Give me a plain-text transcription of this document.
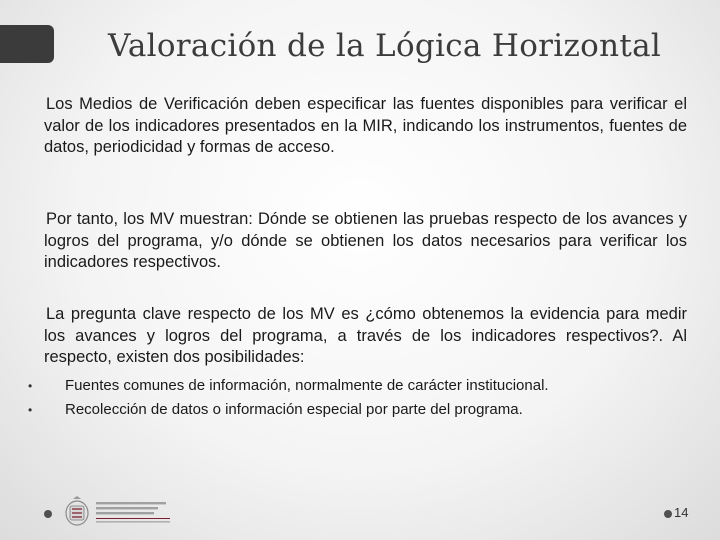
Valoración de la Lógica Horizontal

Los Medios de Verificación deben especificar las fuentes disponibles para verificar el valor de los indicadores presentados en la MIR, indicando los instrumentos, fuentes de datos, periodicidad y formas de acceso.

Por tanto, los MV muestran: Dónde se obtienen las pruebas respecto de los avances y logros del programa, y/o dónde se obtienen los datos necesarios para verificar los indicadores respectivos.

La pregunta clave respecto de los MV es ¿cómo obtenemos la evidencia para medir los avances y logros del programa, a través de los indicadores respectivos?. Al respecto, existen dos posibilidades:

• Fuentes comunes de información, normalmente de carácter institucional.
• Recolección de datos o información especial por parte del programa.
14
